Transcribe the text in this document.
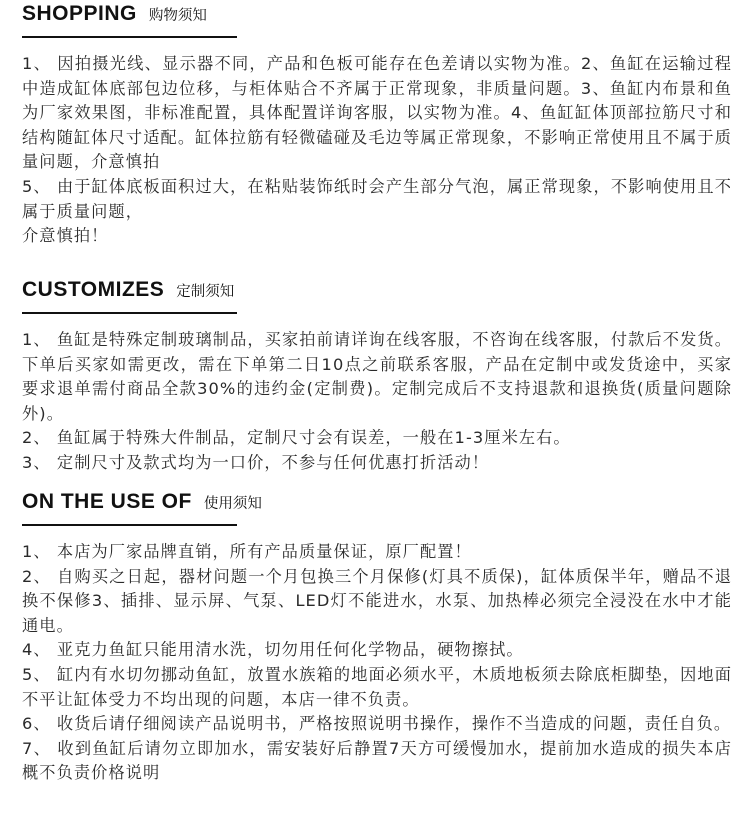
SHOPPING 购物须知

1、 因拍摄光线、显示器不同，产品和色板可能存在色差请以实物为准。2、鱼缸在运输过程中造成缸体底部包边位移，与柜体贴合不齐属于正常现象，非质量问题。3、鱼缸内布景和鱼为厂家效果图，非标准配置，具体配置详询客服，以实物为准。4、鱼缸缸体顶部拉筋尺寸和结构随缸体尺寸适配。缸体拉筋有轻微磕碰及毛边等属正常现象，不影响正常使用且不属于质量问题，介意慎拍

5、 由于缸体底板面积过大，在粘贴装饰纸时会产生部分气泡，属正常现象，不影响使用且不属于质量问题，

介意慎拍！

CUSTOMIZES 定制须知

1、 鱼缸是特殊定制玻璃制品，买家拍前请详询在线客服，不咨询在线客服，付款后不发货。下单后买家如需更改，需在下单第二日10点之前联系客服，产品在定制中或发货途中，买家要求退单需付商品全款30%的违约金(定制费)。定制完成后不支持退款和退换货(质量问题除外)。

2、 鱼缸属于特殊大件制品，定制尺寸会有误差，一般在1-3厘米左右。

3、 定制尺寸及款式均为一口价，不参与任何优惠打折活动！

ON THE USE OF 使用须知

1、 本店为厂家品牌直销，所有产品质量保证，原厂配置！

2、 自购买之日起，器材问题一个月包换三个月保修(灯具不质保)，缸体质保半年，赠品不退换不保修3、插排、显示屏、气泵、LED灯不能进水，水泵、加热棒必须完全浸没在水中才能通电。

4、 亚克力鱼缸只能用清水洗，切勿用任何化学物品，硬物擦拭。

5、 缸内有水切勿挪动鱼缸，放置水族箱的地面必须水平，木质地板须去除底柜脚垫，因地面不平让缸体受力不均出现的问题，本店一律不负责。

6、 收货后请仔细阅读产品说明书，严格按照说明书操作，操作不当造成的问题，责任自负。

7、 收到鱼缸后请勿立即加水，需安装好后静置7天方可缓慢加水，提前加水造成的损失本店概不负责价格说明
